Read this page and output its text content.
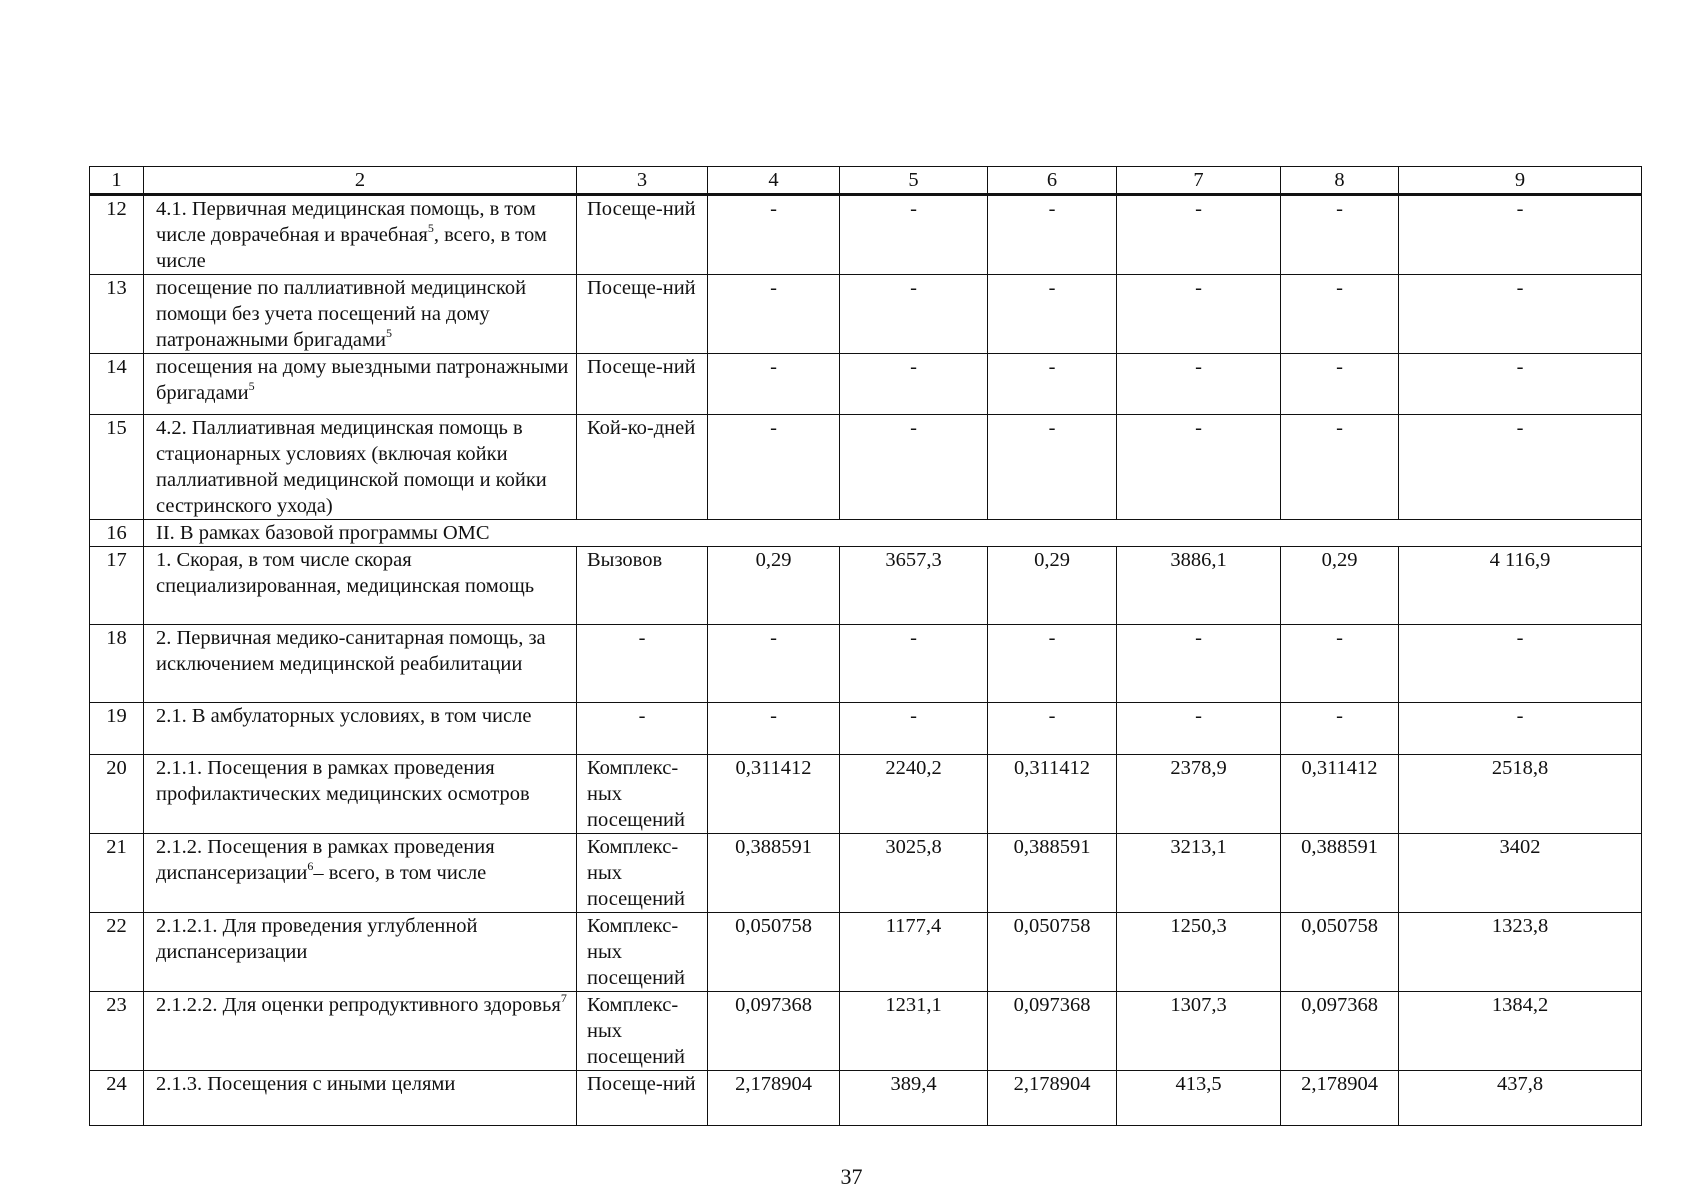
1	2	3	4	5	6	7	8	9
12	4.1. Первичная медицинская помощь, в том числе доврачебная и врачебная$^5$, всего, в том числе	Посеще-ний	-	-	-	-	-	-
13	посещение по паллиативной медицинской помощи без учета посещений на дому патронажными бригадами$^5$	Посеще-ний	-	-	-	-	-	-
14	посещения на дому выездными патронажными бригадами$^5$	Посеще-ний	-	-	-	-	-	-
15	4.2. Паллиативная медицинская помощь в стационарных условиях (включая койки паллиативной медицинской помощи и койки сестринского ухода)	Кой-ко-дней	-	-	-	-	-	-
16	II. В рамках базовой программы ОМС							
17	1. Скорая, в том числе скорая специализированная, медицинская помощь	Вызовов	0,29	3657,3	0,29	3886,1	0,29	4 116,9
18	2. Первичная медико-санитарная помощь, за исключением медицинской реабилитации	-	-	-	-	-	-	-
19	2.1. В амбулаторных условиях, в том числе	-	-	-	-	-	-	-
20	2.1.1. Посещения в рамках проведения профилактических медицинских осмотров	Комплекс-ных посещений	0,311412	2240,2	0,311412	2378,9	0,311412	2518,8
21	2.1.2. Посещения в рамках проведения диспансеризации$^6$– всего, в том числе	Комплекс-ных посещений	0,388591	3025,8	0,388591	3213,1	0,388591	3402
22	2.1.2.1. Для проведения углубленной диспансеризации	Комплекс-ных посещений	0,050758	1177,4	0,050758	1250,3	0,050758	1323,8
23	2.1.2.2. Для оценки репродуктивного здоровья$^7$	Комплекс-ных посещений	0,097368	1231,1	0,097368	1307,3	0,097368	1384,2
24	2.1.3. Посещения с иными целями	Посеще-ний	2,178904	389,4	2,178904	413,5	2,178904	437,8
37
